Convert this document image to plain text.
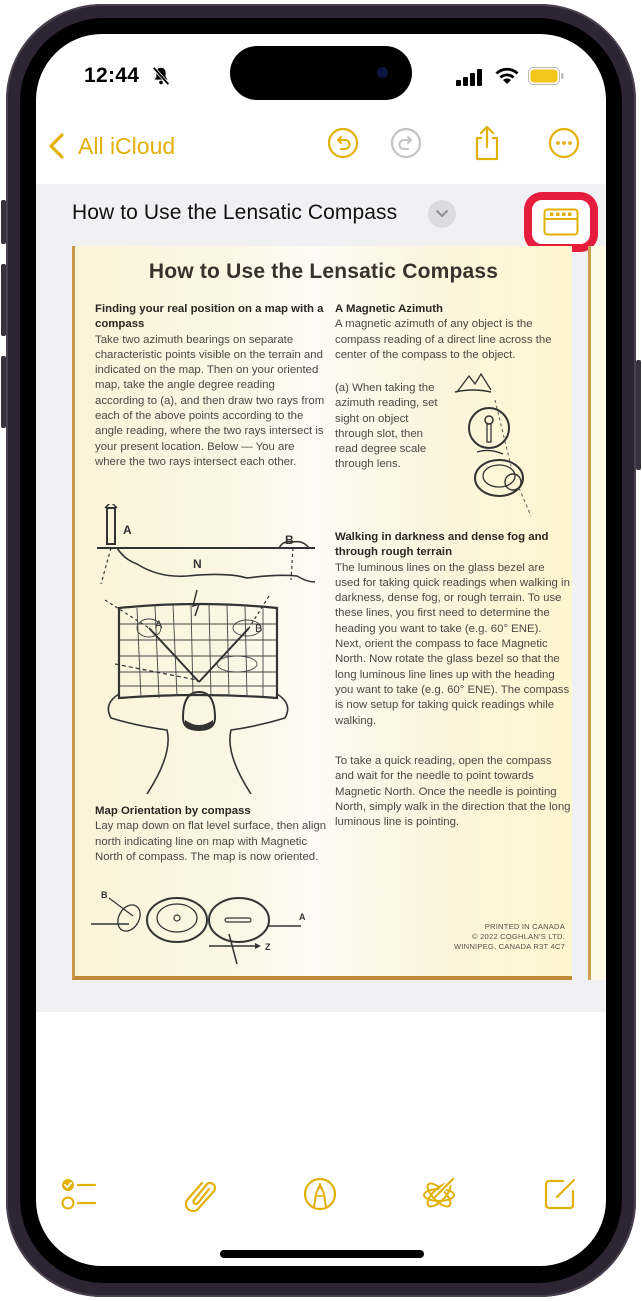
12:44
All iCloud
How to Use the Lensatic Compass
How to Use the Lensatic Compass
Finding your real position on a map with a compass

Take two azimuth bearings on separate characteristic points visible on the terrain and indicated on the map. Then on youɾ oriented map, take the angle degree reading according to (a), and then draw two rays from each of the above points according to the angle reading, where the two rays intersect is your present location. Below — You are where the two rays intersect each other.

A Magnetic Azimuth

A magnetic azimuth of any object is the compass reading of a direct line across the center of the compass to the object.

(a) When taking the azimuth reading, set sight on object through slot, then read degree scale through lens.

Walking in darkness and dense fog and through rough terrain

The luminous lines on the glass bezel are used for taking quick readings when walking in darkness, dense fog, or rough terrain. To use these lines, you first need to determine the heading you want to take (e.g. 60° ENE). Next, orient the compass to face Magnetic North. Now rotate the glass bezel so that the long luminous line lines up with the heading you want to take (e.g. 60° ENE). The compass is now setup for taking quick readings while walking.

To take a quick reading, open the compass and wait for the needle to point towards Magnetic North. Once the needle is pointing North, simply walk in the direction that the long luminous line is pointing.

A
B
N
A	B
Map Orientation by compass

Lay map down on flat level surface, then align north indicating line on map with Magnetic North of compass. The map is now oriented.

B
A
Z
PRINTED IN CANADA
© 2022 COGHLAN'S LTD.
WINNIPEG, CANADA R3T 4C7
